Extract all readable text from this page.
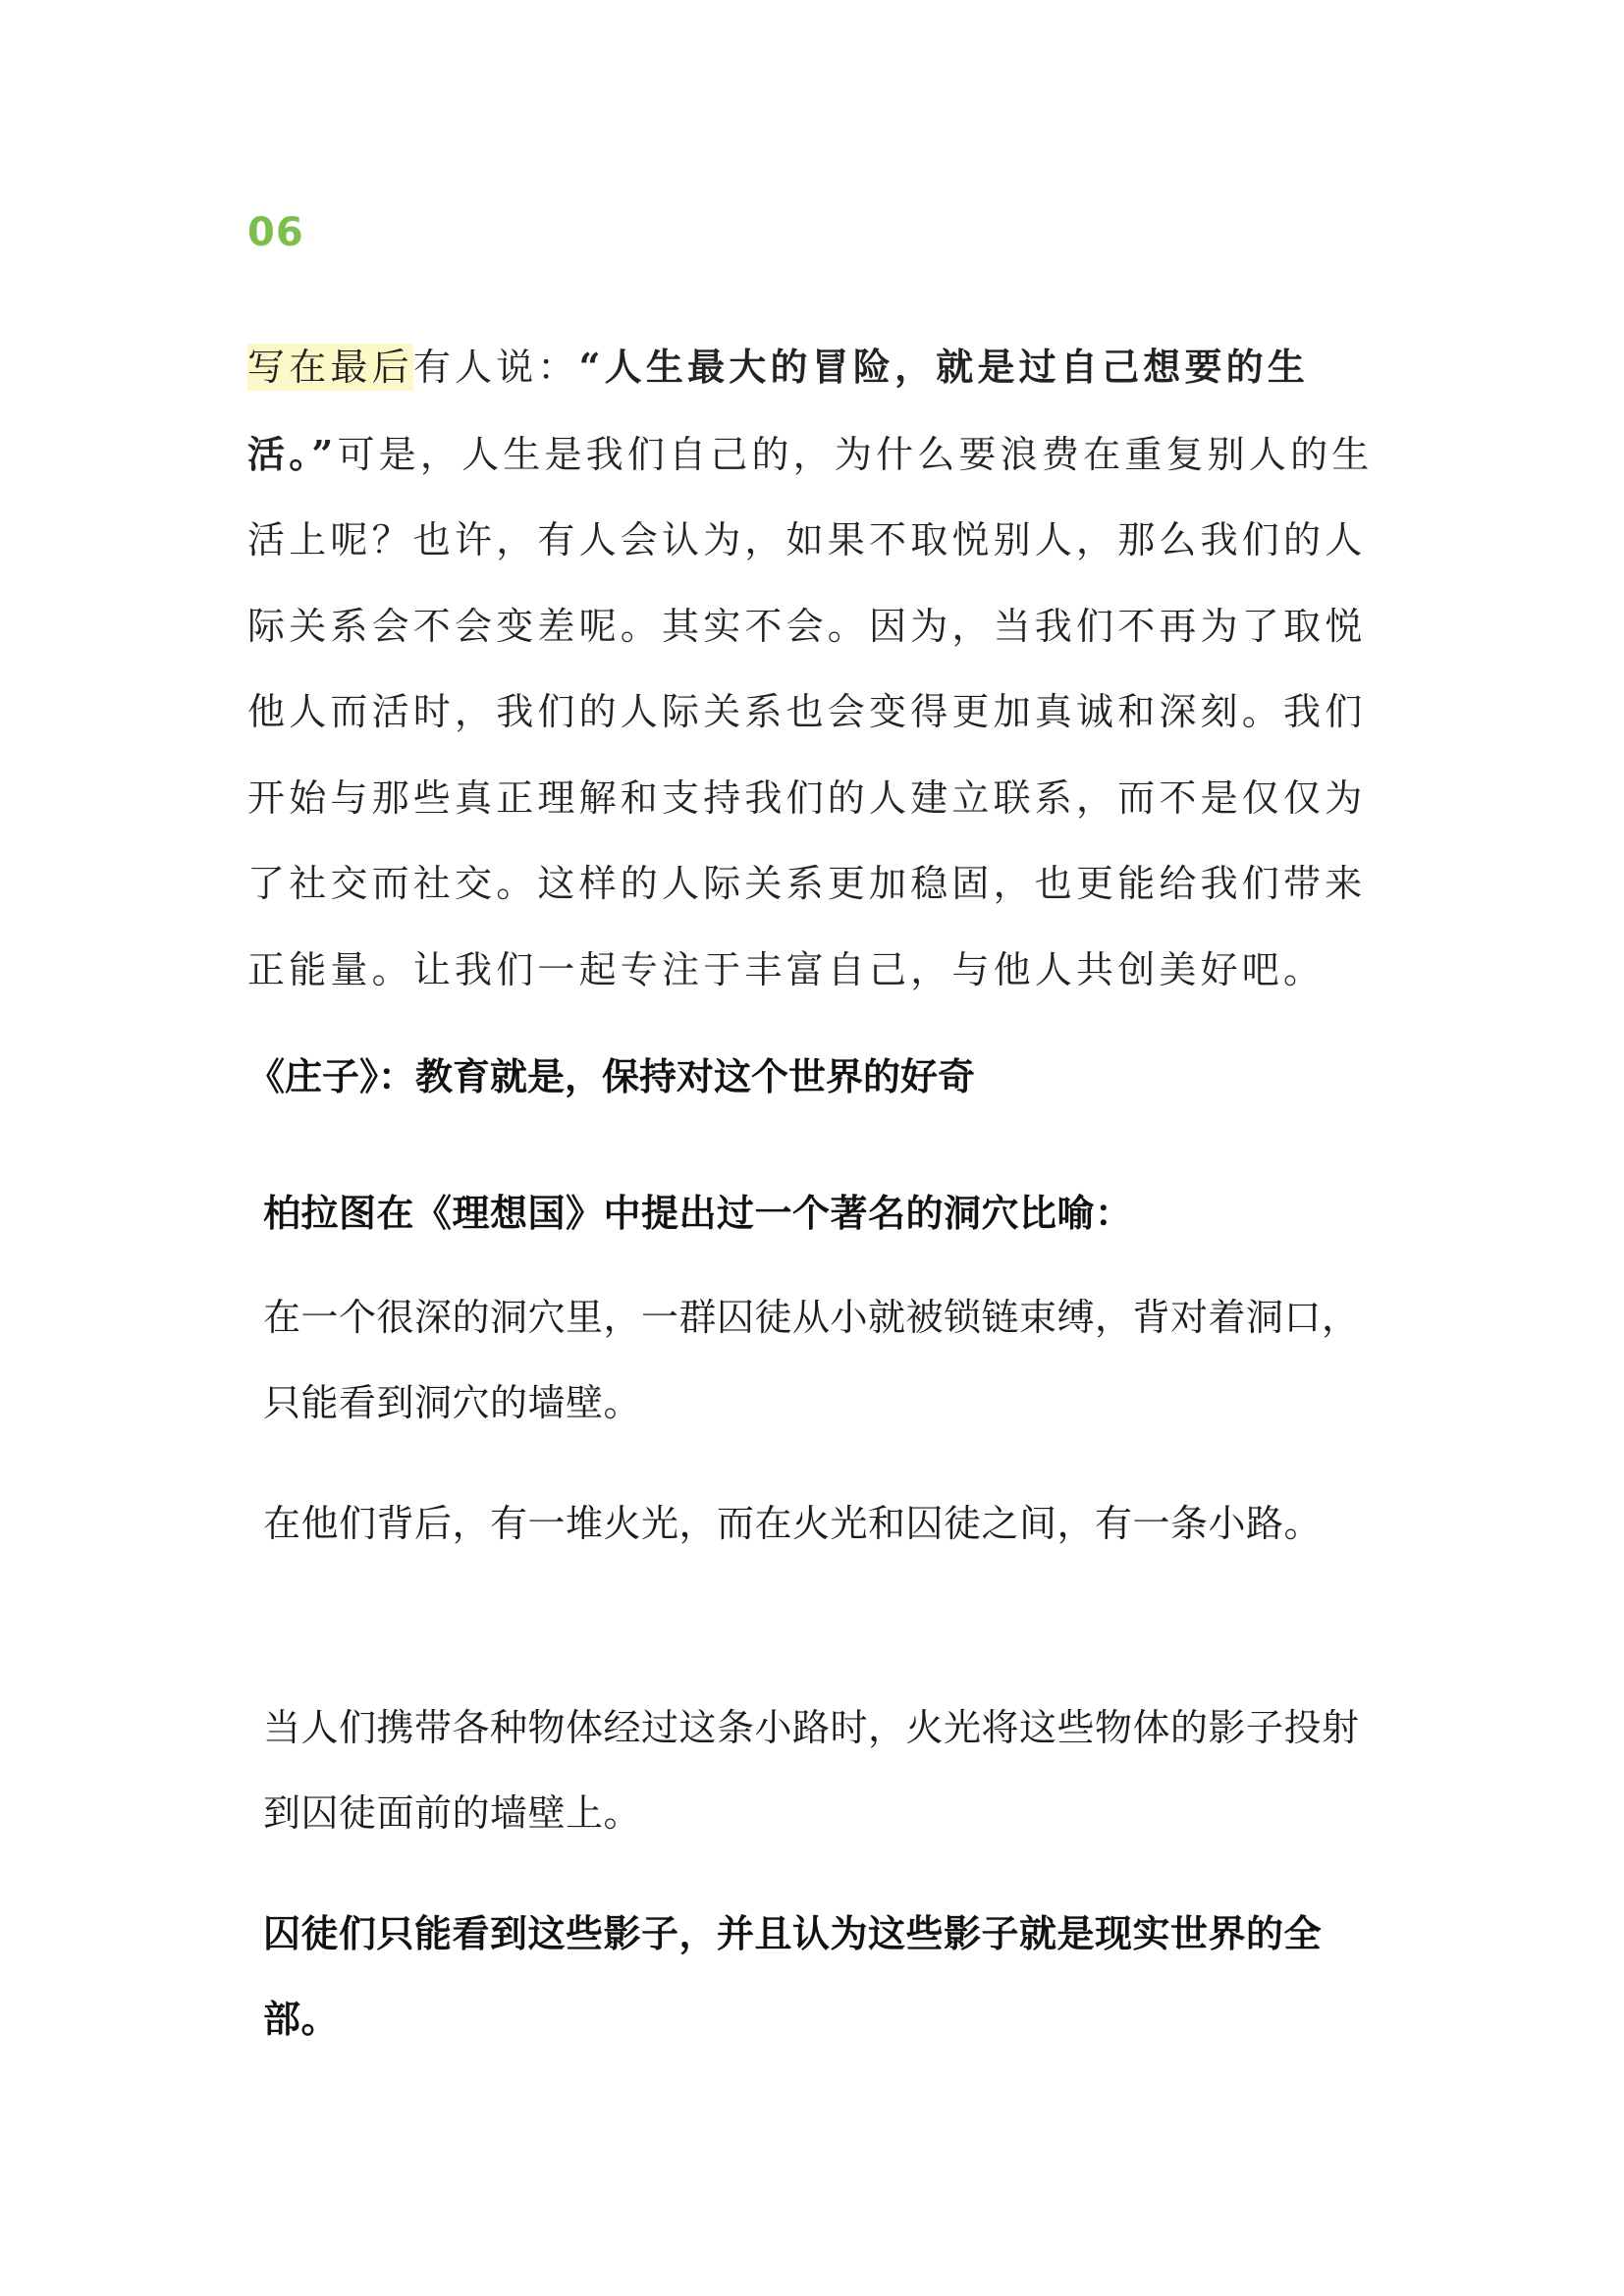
06

写在最后有人说：“人生最大的冒险，就是过自己想要的生活。”可是，人生是我们自己的，为什么要浪费在重复别人的生活上呢？也许，有人会认为，如果不取悦别人，那么我们的人际关系会不会变差呢。其实不会。因为，当我们不再为了取悦他人而活时，我们的人际关系也会变得更加真诚和深刻。我们开始与那些真正理解和支持我们的人建立联系，而不是仅仅为了社交而社交。这样的人际关系更加稳固，也更能给我们带来正能量。让我们一起专注于丰富自己，与他人共创美好吧。

《庄子》：教育就是，保持对这个世界的好奇

柏拉图在《理想国》中提出过一个著名的洞穴比喻：

在一个很深的洞穴里，一群囚徒从小就被锁链束缚，背对着洞口，只能看到洞穴的墙壁。

在他们背后，有一堆火光，而在火光和囚徒之间，有一条小路。

当人们携带各种物体经过这条小路时，火光将这些物体的影子投射到囚徒面前的墙壁上。

囚徒们只能看到这些影子，并且认为这些影子就是现实世界的全部。
